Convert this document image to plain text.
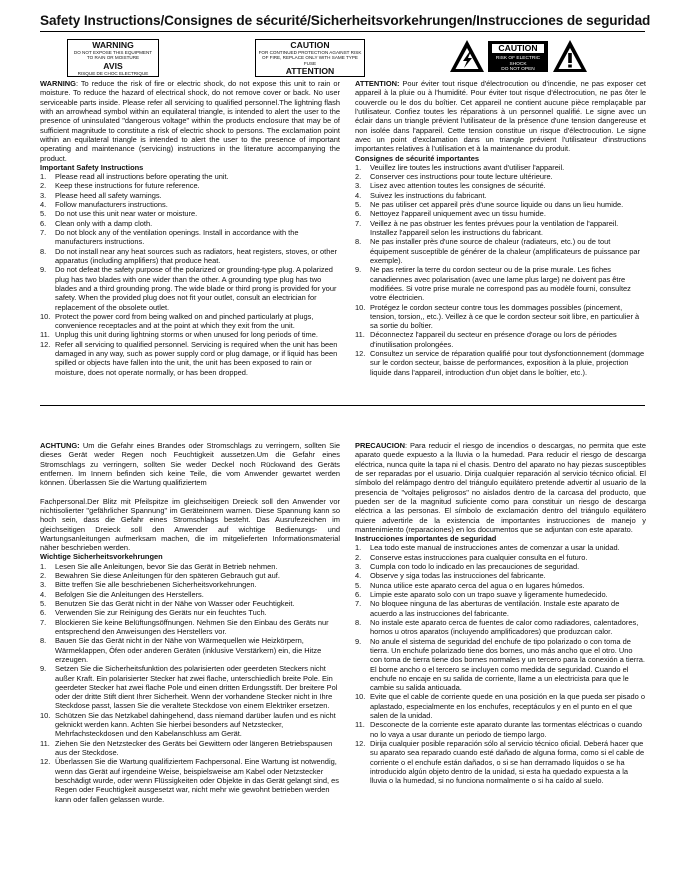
Safety Instructions/Consignes de sécurité/Sicherheitsvorkehrungen/Instrucciones de seguridad
WARNING
DO NOT EXPOSE THIS EQUIPMENT
TO RAIN OR MOISTURE
AVIS
RISQUE DE CHOC ELECTRIQUE
CAUTION
FOR CONTINUED PROTECTION AGAINST RISK
OF FIRE, REPLACE ONLY WITH SAME TYPE FUSE
ATTENTION
CAUTION
RISK OF ELECTRIC SHOCK
DO NOT OPEN

WARNING: To reduce the risk of fire or electric shock, do not expose this unit to rain or moisture. To reduce the hazard of electrical shock, do not remove cover or back. No user serviceable parts inside. Please refer all servicing to qualified personnel.The lightning flash with an arrowhead symbol within an equilateral triangle, is intended to alert the user to the presence of uninsulated "dangerous voltage" within the products enclosure that may be of sufficient magnitude to constitute a risk of electric shock to persons. The exclamation point within an equilateral triangle is intended to alert the user to the presence of important operating and maintenance (servicing) instructions in the literature accompanying the product.

Important Safety Instructions
1.	Please read all instructions before operating the unit.
2.	Keep these instructions for future reference.
3.	Please heed all safety warnings.
4.	Follow manufacturers instructions.
5.	Do not use this unit near water or moisture.
6.	Clean only with a damp cloth.
7.	Do not block any of the ventilation openings. Install in accordance with the manufacturers instructions.
8.	Do not install near any heat sources such as radiators, heat registers, stoves, or other apparatus (including amplifiers) that produce heat.
9.	Do not defeat the safety purpose of the polarized or grounding-type plug. A polarized plug has two blades with one wider than the other. A grounding type plug has two blades and a third grounding prong. The wide blade or third prong is provided for your safety. When the provided plug does not fit your outlet, consult an electrician for replacement of the obsolete outlet.
10. Protect the power cord from being walked on and pinched particularly at plugs, convenience receptacles and at the point at which they exit from the unit.
11. Unplug this unit during lightning storms or when unused for long periods of time.
12. Refer all servicing to qualified personnel. Servicing is required when the unit has been damaged in any way, such as power supply cord or plug damage, or if liquid has been spilled or objects have fallen into the unit, the unit has been exposed to rain or moisture, does not operate normally, or has been dropped.

ATTENTION: Pour éviter tout risque d'électrocution ou d'incendie, ne pas exposer cet appareil à la pluie ou à l'humidité. Pour éviter tout risque d'électrocution, ne pas ôter le couvercle ou le dos du boîtier. Cet appareil ne contient aucune pièce remplaçable par l'utilisateur. Confiez toutes les réparations à un personnel qualifié. Le signe avec un éclair dans un triangle prévient l'utilisateur de la présence d'une tension dangereuse et non isolée dans l'appareil. Cette tension constitue un risque d'électrocution. Le signe avec un point d'exclamation dans un triangle prévient l'utilisateur d'instructions importantes relatives à l'utilisation et à la maintenance du produit.

Consignes de sécurité importantes
1.	Veuillez lire toutes les instructions avant d'utiliser l'appareil.
2.	Conserver ces instructions pour toute lecture ultérieure.
3.	Lisez avec attention toutes les consignes de sécurité.
4.	Suivez les instructions du fabricant.
5.	Ne pas utiliser cet appareil près d'une source liquide ou dans un lieu humide.
6.	Nettoyez l'appareil uniquement avec un tissu humide.
7.	Veillez à ne pas obstruer les fentes prévues pour la ventilation de l'appareil. Installez l'appareil selon les instructions du fabricant.
8.	Ne pas installer près d'une source de chaleur (radiateurs, etc.) ou de tout équipement susceptible de générer de la chaleur (amplificateurs de puissance par exemple).
9.	Ne pas retirer la terre du cordon secteur ou de la prise murale. Les fiches canadiennes avec polarisation (avec une lame plus large) ne doivent pas être modifiées. Si votre prise murale ne correspond pas au modèle fourni, consultez votre électricien.
10. Protégez le cordon secteur contre tous les dommages possibles (pincement, tension, torsion,, etc.). Veillez à ce que le cordon secteur soit libre, en particulier à sa sortie du boîtier.
11. Déconnectez l'appareil du secteur en présence d'orage ou lors de périodes d'inutilisation prolongées.
12. Consultez un service de réparation qualifié pour tout dysfonctionnement (dommage sur le cordon secteur, baisse de performances, exposition à la pluie, projection liquide dans l'appareil, introduction d'un objet dans le boîtier, etc.).

ACHTUNG: Um die Gefahr eines Brandes oder Stromschlags zu verringern, sollten Sie dieses Gerät weder Regen noch Feuchtigkeit aussetzen.Um die Gefahr eines Stromschlags zu verringern, sollten Sie weder Deckel noch Rückwand des Geräts entfernen. Im Innern befinden sich keine Teile, die vom Anwender gewartet werden können. Überlassen Sie die Wartung qualifiziertem

Fachpersonal.Der Blitz mit Pfeilspitze im gleichseitigen Dreieck soll den Anwender vor nichtisolierter "gefährlicher Spannung" im Geräteinnern warnen. Diese Spannung kann so hoch sein, dass die Gefahr eines Stromschlags besteht. Das Ausrufezeichen im gleichseitigen Dreieck soll den Anwender auf wichtige Bedienungs- und Wartungsanleitungen aufmerksam machen, die im mitgelieferten Informationsmaterial näher beschrieben werden.

Wichtige Sicherheitsvorkehrungen
1.	Lesen Sie alle Anleitungen, bevor Sie das Gerät in Betrieb nehmen.
2.	Bewahren Sie diese Anleitungen für den späteren Gebrauch gut auf.
3.	Bitte treffen Sie alle beschriebenen Sicherheitsvorkehrungen.
4.	Befolgen Sie die Anleitungen des Herstellers.
5.	Benutzen Sie das Gerät nicht in der Nähe von Wasser oder Feuchtigkeit.
6.	Verwenden Sie zur Reinigung des Geräts nur ein feuchtes Tuch.
7.	Blockieren Sie keine Belüftungsöffnungen. Nehmen Sie den Einbau des Geräts nur entsprechend den Anweisungen des Herstellers vor.
8.	Bauen Sie das Gerät nicht in der Nähe von Wärmequellen wie Heizkörpern, Wärmeklappen, Öfen oder anderen Geräten (inklusive Verstärkern) ein, die Hitze erzeugen.
9.	Setzen Sie die Sicherheitsfunktion des polarisierten oder geerdeten Steckers nicht außer Kraft. Ein polarisierter Stecker hat zwei flache, unterschiedlich breite Pole. Ein geerdeter Stecker hat zwei flache Pole und einen dritten Erdungsstift. Der breitere Pol oder der dritte Stift dient Ihrer Sicherheit. Wenn der vorhandene Stecker nicht in Ihre Steckdose passt, lassen Sie die veraltete Steckdose von einem Elektriker ersetzen.
10. Schützen Sie das Netzkabel dahingehend, dass niemand darüber laufen und es nicht geknickt werden kann. Achten Sie hierbei besonders auf Netzstecker, Mehrfachsteckdosen und den Kabelanschluss am Gerät.
11. Ziehen Sie den Netzstecker des Geräts bei Gewittern oder längeren Betriebspausen aus der Steckdose.
12. Überlassen Sie die Wartung qualifiziertem Fachpersonal. Eine Wartung ist notwendig, wenn das Gerät auf irgendeine Weise, beispielsweise am Kabel oder Netzstecker beschädigt wurde, oder wenn Flüssigkeiten oder Objekte in das Gerät gelangt sind, es Regen oder Feuchtigkeit ausgesetzt war, nicht mehr wie gewohnt betrieben werden kann oder fallen gelassen wurde.

PRECAUCION: Para reducir el riesgo de incendios o descargas, no permita que este aparato quede expuesto a la lluvia o la humedad. Para reducir el riesgo de descarga eléctrica, nunca quite la tapa ni el chasis. Dentro del aparato no hay piezas susceptibles de ser reparadas por el usuario. Dirija cualquier reparación al servicio técnico oficial. El símbolo del relámpago dentro del triángulo equilátero pretende advertir al usuario de la presencia de "voltajes peligrosos" no aislados dentro de la carcasa del producto, que pueden ser de la magnitud suficiente como para constituir un riesgo de descarga eléctrica a las personas. El símbolo de exclamación dentro del triángulo equilátero quiere advertirle de la existencia de importantes instrucciones de manejo y mantenimiento (reparaciones) en los documentos que se adjuntan con este aparato.

Instrucciones importantes de seguridad
1.	Lea todo este manual de instrucciones antes de comenzar a usar la unidad.
2.	Conserve estas instrucciones para cualquier consulta en el futuro.
3.	Cumpla con todo lo indicado en las precauciones de seguridad.
4.	Observe y siga todas las instrucciones del fabricante.
5.	Nunca utilice este aparato cerca del agua o en lugares húmedos.
6.	Limpie este aparato solo con un trapo suave y ligeramente humedecido.
7.	No bloquee ninguna de las aberturas de ventilación. Instale este aparato de acuerdo a las instrucciones del fabricante.
8.	No instale este aparato cerca de fuentes de calor como radiadores, calentadores, hornos u otros aparatos (incluyendo amplificadores) que produzcan calor.
9.	No anule el sistema de seguridad del enchufe de tipo polarizado o con toma de tierra. Un enchufe polarizado tiene dos bornes, uno más ancho que el otro. Uno con toma de tierra tiene dos bornes normales y un tercero para la conexión a tierra. El borne ancho o el tercero se incluyen como medida de seguridad. Cuando el enchufe no encaje en su salida de corriente, llame a un electricista para que le cambie su salida anticuada.
10. Evite que el cable de corriente quede en una posición en la que pueda ser pisado o aplastado, especialmente en los enchufes, receptáculos y en el punto en el que salen de la unidad.
11. Desconecte de la corriente este aparato durante las tormentas eléctricas o cuando no lo vaya a usar durante un periodo de tiempo largo.
12. Dirija cualquier posible reparación sólo al servicio técnico oficial. Deberá hacer que su aparato sea reparado cuando esté dañado de alguna forma, como si el cable de corriente o el enchufe están dañados, o si se han derramado líquidos o se ha introducido algún objeto dentro de la unidad, si esta ha quedado expuesta a la lluvia o la humedad, si no funciona normalmente o si ha caído al suelo.
